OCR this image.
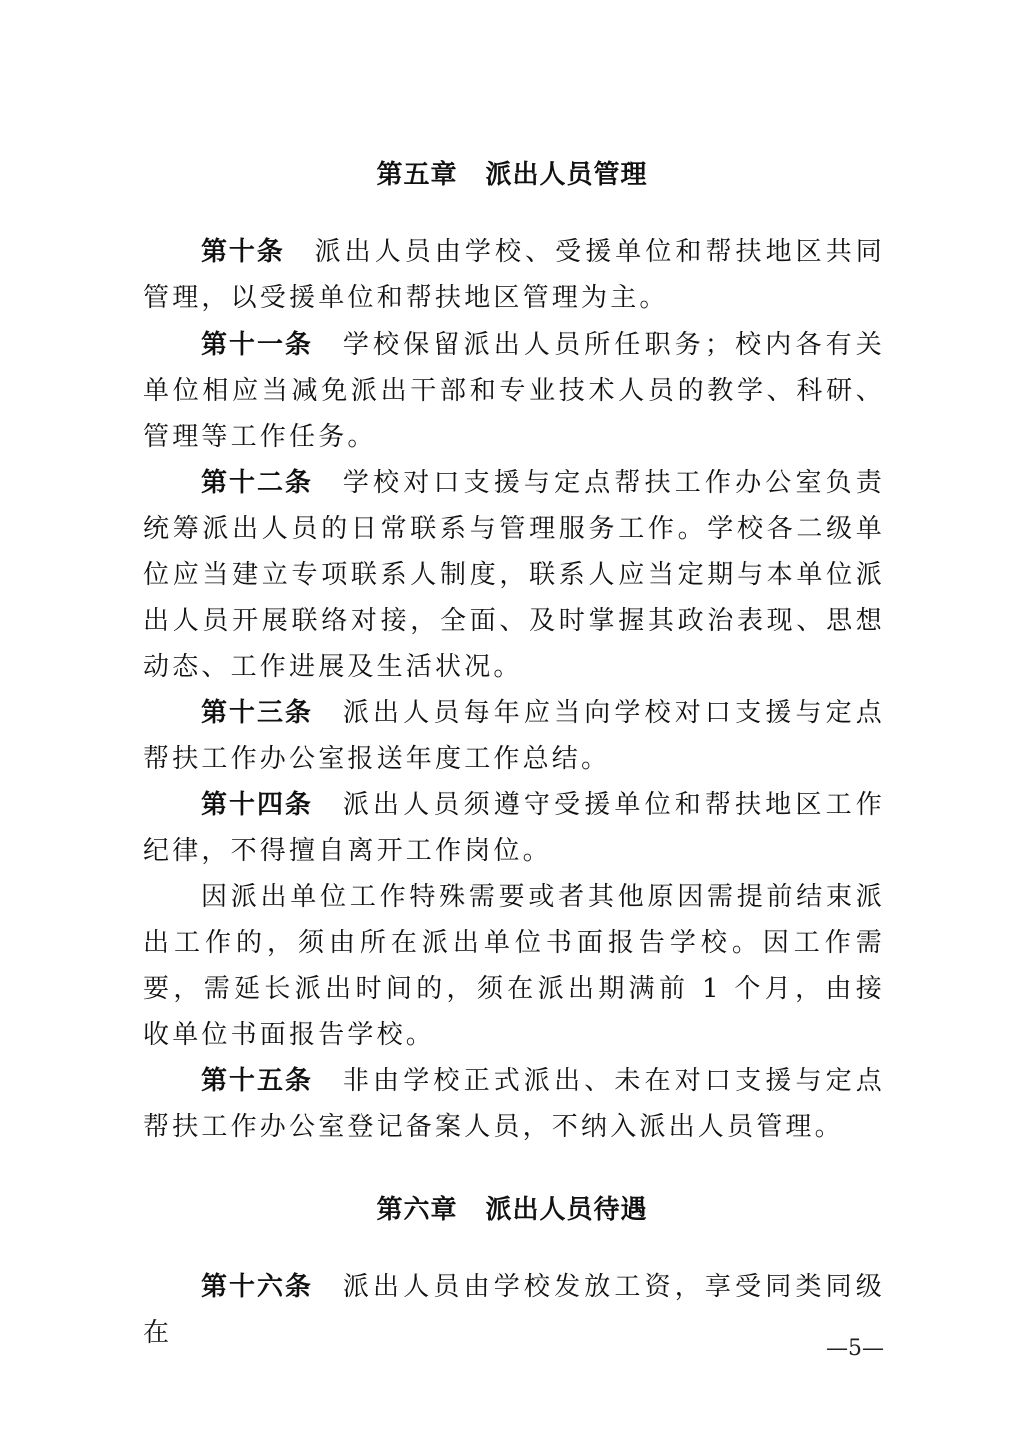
第五章 派出人员管理

第十条 派出人员由学校、受援单位和帮扶地区共同管理，以受援单位和帮扶地区管理为主。

第十一条 学校保留派出人员所任职务；校内各有关单位相应当减免派出干部和专业技术人员的教学、科研、管理等工作任务。

第十二条 学校对口支援与定点帮扶工作办公室负责统筹派出人员的日常联系与管理服务工作。学校各二级单位应当建立专项联系人制度，联系人应当定期与本单位派出人员开展联络对接，全面、及时掌握其政治表现、思想动态、工作进展及生活状况。

第十三条 派出人员每年应当向学校对口支援与定点帮扶工作办公室报送年度工作总结。

第十四条 派出人员须遵守受援单位和帮扶地区工作纪律，不得擅自离开工作岗位。

因派出单位工作特殊需要或者其他原因需提前结束派出工作的，须由所在派出单位书面报告学校。因工作需要，需延长派出时间的，须在派出期满前 1 个月，由接收单位书面报告学校。

第十五条 非由学校正式派出、未在对口支援与定点帮扶工作办公室登记备案人员，不纳入派出人员管理。

第六章 派出人员待遇

第十六条 派出人员由学校发放工资，享受同类同级在

—5—
